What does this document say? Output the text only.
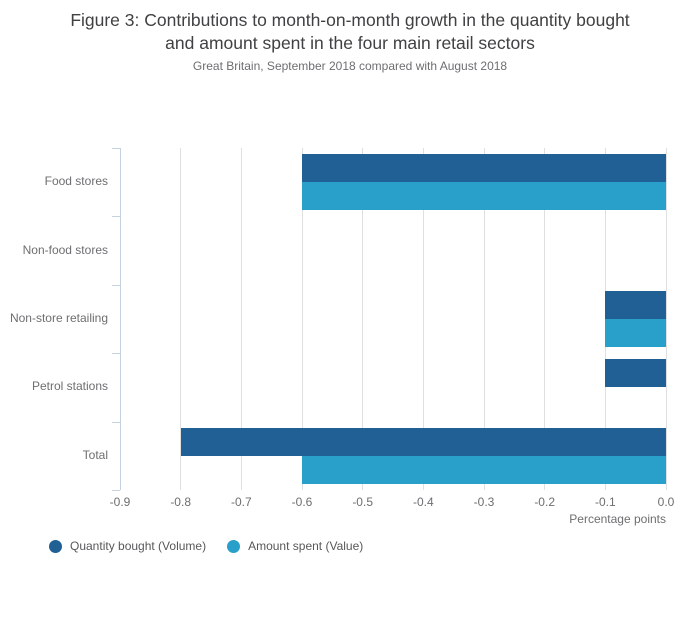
Figure 3: Contributions to month-on-month growth in the quantity bought and amount spent in the four main retail sectors
Great Britain, September 2018 compared with August 2018
-0.9	-0.8	-0.7	-0.6	-0.5	-0.4	-0.3	-0.2	-0.1	0.0
Food stores
Non-food stores
Non-store retailing
Petrol stations
Total
Percentage points
Quantity bought (Volume)	Amount spent (Value)
